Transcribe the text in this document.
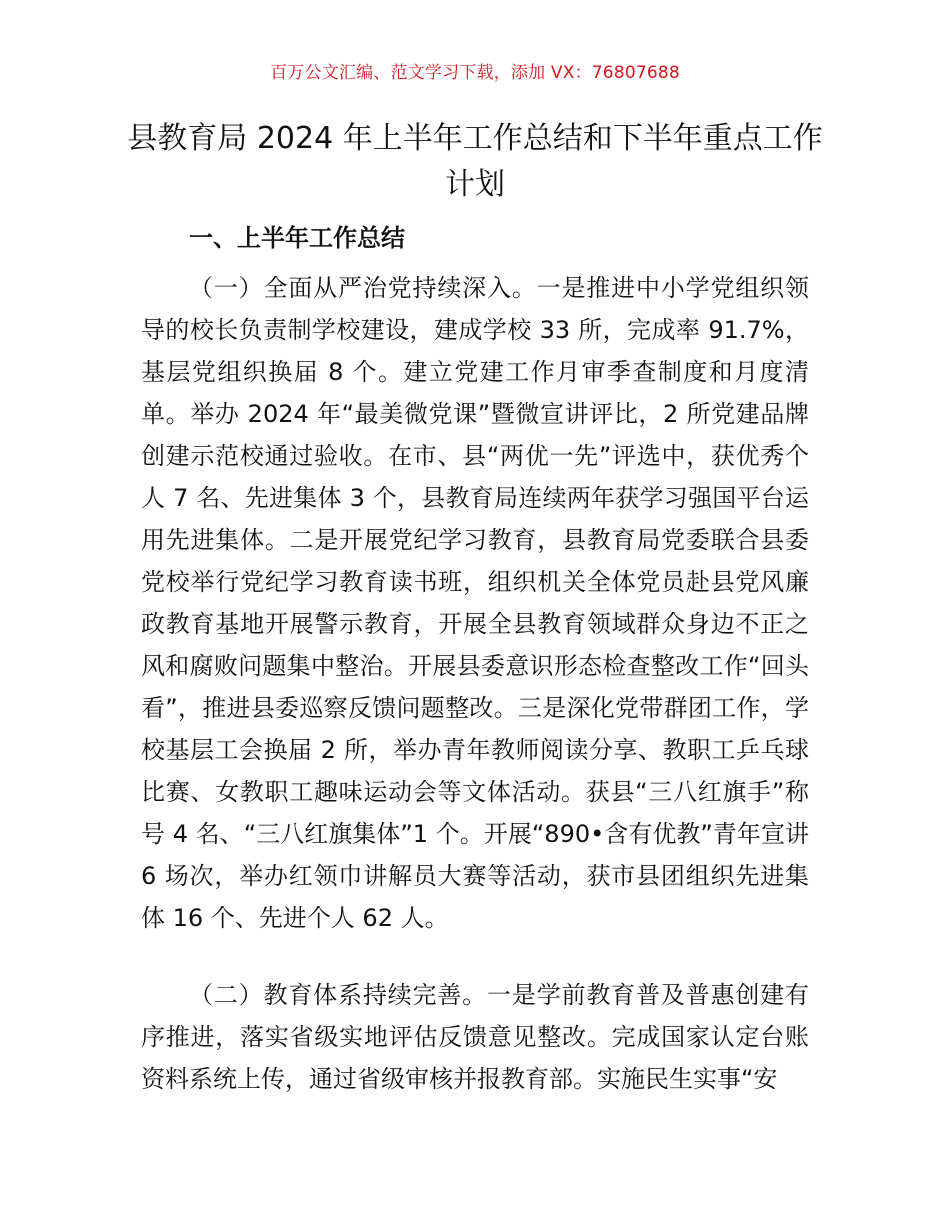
百万公文汇编、范文学习下载，添加 VX：76807688
县教育局 2024 年上半年工作总结和下半年重点工作计划
一、上半年工作总结

（一）全面从严治党持续深入。一是推进中小学党组织领导的校长负责制学校建设，建成学校 33 所，完成率 91.7%，基层党组织换届 8 个。建立党建工作月审季查制度和月度清单。举办 2024 年“最美微党课”暨微宣讲评比，2 所党建品牌创建示范校通过验收。在市、县“两优一先”评选中，获优秀个人 7 名、先进集体 3 个，县教育局连续两年获学习强国平台运用先进集体。二是开展党纪学习教育，县教育局党委联合县委党校举行党纪学习教育读书班，组织机关全体党员赴县党风廉政教育基地开展警示教育，开展全县教育领域群众身边不正之风和腐败问题集中整治。开展县委意识形态检查整改工作“回头看”，推进县委巡察反馈问题整改。三是深化党带群团工作，学校基层工会换届 2 所，举办青年教师阅读分享、教职工乒乓球比赛、女教职工趣味运动会等文体活动。获县“三八红旗手”称号 4 名、“三八红旗集体”1 个。开展“890•含有优教”青年宣讲 6 场次，举办红领巾讲解员大赛等活动，获市县团组织先进集体 16 个、先进个人 62 人。

（二）教育体系持续完善。一是学前教育普及普惠创建有序推进，落实省级实地评估反馈意见整改。完成国家认定台账资料系统上传，通过省级审核并报教育部。实施民生实事“安
